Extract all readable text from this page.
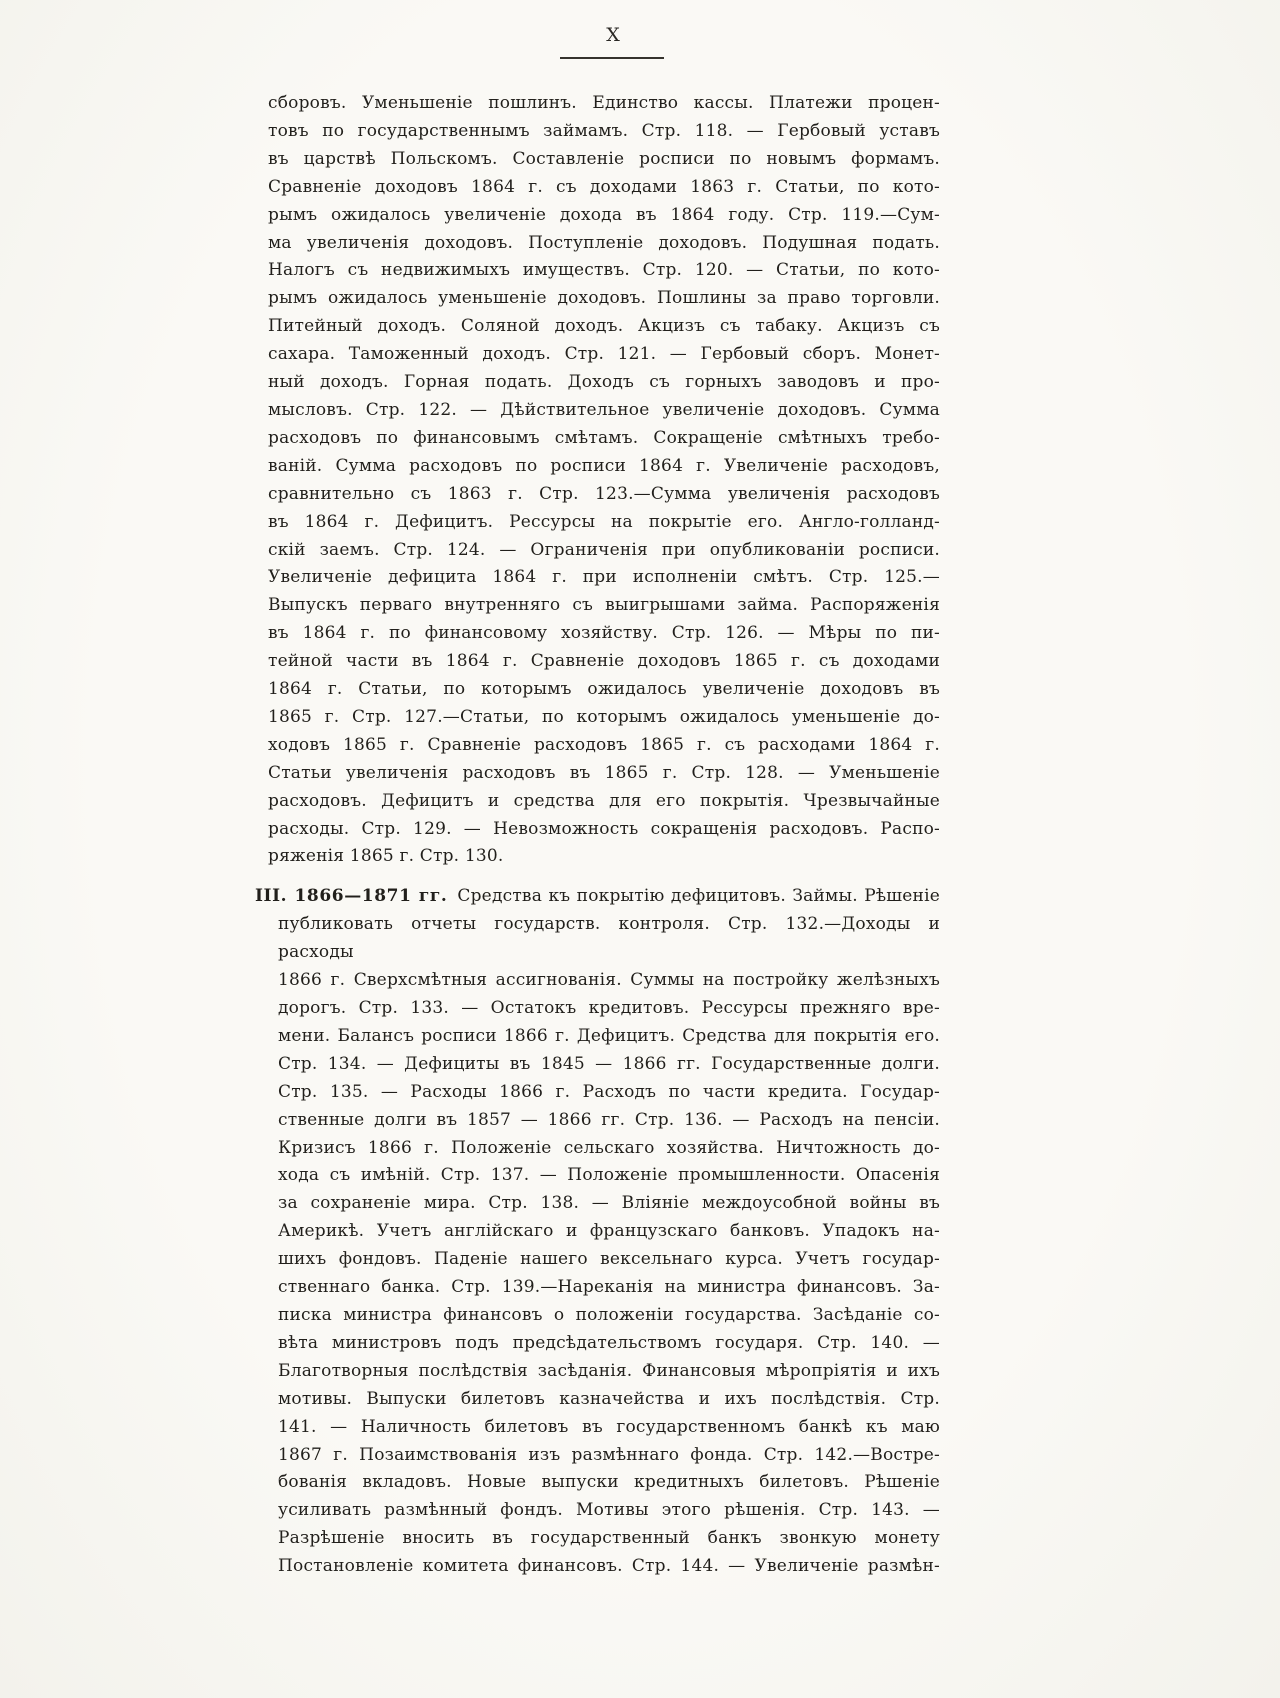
X
сборовъ. Уменьшеніе пошлинъ. Единство кассы. Платежи процен-
товъ по государственнымъ займамъ. Стр. 118. — Гербовый уставъ
въ царствѣ Польскомъ. Составленіе росписи по новымъ формамъ.
Сравненіе доходовъ 1864 г. съ доходами 1863 г. Статьи, по кото-
рымъ ожидалось увеличеніе дохода въ 1864 году. Стр. 119.—Сум-
ма увеличенія доходовъ. Поступленіе доходовъ. Подушная подать.
Налогъ съ недвижимыхъ имуществъ. Стр. 120. — Статьи, по кото-
рымъ ожидалось уменьшеніе доходовъ. Пошлины за право торговли.
Питейный доходъ. Соляной доходъ. Акцизъ съ табаку. Акцизъ съ
сахара. Таможенный доходъ. Стр. 121. — Гербовый сборъ. Монет-
ный доходъ. Горная подать. Доходъ съ горныхъ заводовъ и про-
мысловъ. Стр. 122. — Дѣйствительное увеличеніе доходовъ. Сумма
расходовъ по финансовымъ смѣтамъ. Сокращеніе смѣтныхъ требо-
ваній. Сумма расходовъ по росписи 1864 г. Увеличеніе расходовъ,
сравнительно съ 1863 г. Стр. 123.—Сумма увеличенія расходовъ
въ 1864 г. Дефицитъ. Рессурсы на покрытіе его. Англо-голланд-
скій заемъ. Стр. 124. — Ограниченія при опубликованіи росписи.
Увеличеніе дефицита 1864 г. при исполненіи смѣтъ. Стр. 125.—
Выпускъ перваго внутренняго съ выигрышами займа. Распоряженія
въ 1864 г. по финансовому хозяйству. Стр. 126. — Мѣры по пи-
тейной части въ 1864 г. Сравненіе доходовъ 1865 г. съ доходами
1864 г. Статьи, по которымъ ожидалось увеличеніе доходовъ въ
1865 г. Стр. 127.—Статьи, по которымъ ожидалось уменьшеніе до-
ходовъ 1865 г. Сравненіе расходовъ 1865 г. съ расходами 1864 г.
Статьи увеличенія расходовъ въ 1865 г. Стр. 128. — Уменьшеніе
расходовъ. Дефицитъ и средства для его покрытія. Чрезвычайные
расходы. Стр. 129. — Невозможность сокращенія расходовъ. Распо-
ряженія 1865 г. Стр. 130.
III. 1866—1871 гг. Средства къ покрытію дефицитовъ. Займы. Рѣшеніе
публиковать отчеты государств. контроля. Стр. 132.—Доходы и расходы
1866 г. Сверхсмѣтныя ассигнованія. Суммы на постройку желѣзныхъ
дорогъ. Стр. 133. — Остатокъ кредитовъ. Рессурсы прежняго вре-
мени. Балансъ росписи 1866 г. Дефицитъ. Средства для покрытія его.
Стр. 134. — Дефициты въ 1845 — 1866 гг. Государственные долги.
Стр. 135. — Расходы 1866 г. Расходъ по части кредита. Государ-
ственные долги въ 1857 — 1866 гг. Стр. 136. — Расходъ на пенсіи.
Кризисъ 1866 г. Положеніе сельскаго хозяйства. Ничтожность до-
хода съ имѣній. Стр. 137. — Положеніе промышленности. Опасенія
за сохраненіе мира. Стр. 138. — Вліяніе междоусобной войны въ
Америкѣ. Учетъ англійскаго и французскаго банковъ. Упадокъ на-
шихъ фондовъ. Паденіе нашего вексельнаго курса. Учетъ государ-
ственнаго банка. Стр. 139.—Нареканія на министра финансовъ. За-
писка министра финансовъ о положеніи государства. Засѣданіе со-
вѣта министровъ подъ предсѣдательствомъ государя. Стр. 140. —
Благотворныя послѣдствія засѣданія. Финансовыя мѣропріятія и ихъ
мотивы. Выпуски билетовъ казначейства и ихъ послѣдствія. Стр.
141. — Наличность билетовъ въ государственномъ банкѣ къ маю
1867 г. Позаимствованія изъ размѣннаго фонда. Стр. 142.—Востре-
бованія вкладовъ. Новые выпуски кредитныхъ билетовъ. Рѣшеніе
усиливать размѣнный фондъ. Мотивы этого рѣшенія. Стр. 143. —
Разрѣшеніе вносить въ государственный банкъ звонкую монету
Постановленіе комитета финансовъ. Стр. 144. — Увеличеніе размѣн-
